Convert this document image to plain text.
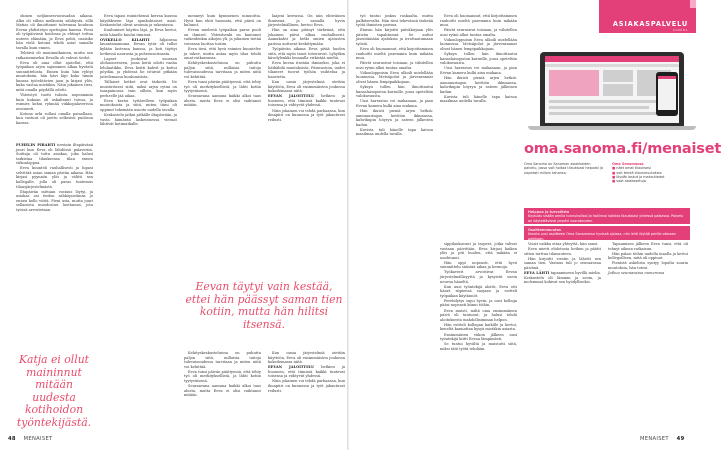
ohmen neljännesvuosisadan aikana. Alku oli silloin melkoista sähläystä, sillä Matias oli ilmoittanut tulevansa kouluun Eevan yhdistetyn opettajien kanssa. Pieni oli työpäivinsä hoidossa ja ehtinyt tottua uuteen elämään, ja Eeva pohti, osaisiko hän vielä kotona tehdä asiat samalla tavalla kuin ennen.

Tehtävä oli monimutkainen, mutta sen ratkaisemiseksi Eevalla oli vahvat tiedot.

Eeva oli aina ollut ajatellut, että työpaikan arjen sujuminen alkaa hyvästä suunnittelusta. Ennen kuin hän ryhtyi muutoksiin, hän kävi läpi koko tiimin kanssa työtehtävien jaon ja kirjasi ylös, kuka vastaa mistäkin. Näin jokainen tiesi, mitä omalla pöydällä odotti.

Yhteistyö tuotti tulosta nopeammin kuin kukaan oli uskaltanut toivoa, ja esimies kehui ryhmää viikkopalaverissa avoimesti.

Kotona arki rullasi omalla painollaan, kun vastuut oli jaettu selkeästi puolison kanssa.

PUHELIN PIRAHTI torstain iltapäivänä juuri kun Eeva oli lähdössä palaveriin. Soittaja oli tuttu asiakas, joka halusi tarkistaa tilauksensa tilan ennen viikonloppua.

Eeva kuunteli rauhallisesti ja lupasi selvittää asian saman päivän aikana. Hän kirjasi pyynnön ylös ja välitti sen kollegalle, jolla oli paras tuntemus tilausjärjestelmästä.

Iltapäivän mittaan vastaus löytyi, ja asiakas sai tiedon sähköpostiinsa jo ennen kello viittä. Pieni asia, mutta juuri sellaisista muodostuu luottamus, jota työssä arvostetaan.

Katja ei ollut maininnut mitään uudesta kotihoidon työntekijästä.

Eeva tapasi esimiehensä kerran kuussa käydäkseen läpi ajankohtaiset asiat. Keskustelut olivat avoimia ja rakentavia.

Kuulumiset käytiin läpi, ja Eeva kertoi, mitä hänelle kuului tiimissä.

OVIKELLO KILAHTI hiljaisena lauantaiaamuna. Eevan tytär oli tullut kylään lastensa kanssa, ja koti täyttyi hetkessä naurusta ja puheensorinasta.

Lapset juoksivat suoraan olohuoneeseen, jossa heitä odotti vanha lelulaatikko. Eeva keitti kahvit ja kattoi pöydän, ja yhdessä he istuivat pitkään juttelemassa kuulumisista.

Tällaiset hetket ovat tärkeitä. Ne muistuttavat siitä, miksi arjen rytmi on tasapainossa vain silloin, kun myös perheelle jää aikaa.

Eeva kertoi tyttärelleen työpaikan muutoksista ja siitä, miten tiimi oli oppinut tekemään asioita uudella tavalla.

Keskustelu jatkui pitkälle iltapäivään, ja vasta hämärän laskeutuessa vieraat lähtivät kotimatkalle.

menneyt kuin kymmenen minuuttia. Hyvä kun ehtii huomata, että päivä on kulunut.

Eevan mielestä työpaikan paras puoli on ihmiset. Yhteishenki on kantanut vaikeidenkin aikojen yli, ja jokainen tietää voivansa luottaa toisiin.

Eeva tiesi, että hyvä esimies kuuntelee ja tukee, mutta antaa myös tilaa tehdä omat ratkaisunsa.

Kehityskeskusteluissa on puhuttu paljon siitä, millaisia taitoja tulevaisuudessa tarvitaan ja miten niitä voi kehittää.

Eeva tunsi päivän päättyessä, että tehty työ oli merkityksellistä, ja lähti kotiin tyytyväisenä.

Seuraavana aamuna kaikki alkoi taas alusta, mutta Eeva ei olisi vaihtanut mitään.

Eevan täytyi vain kestää, ettei hän päässyt saman tien kotiin, mutta hän hilitsi itsensä.

Kehityskeskusteluissa on puhuttu paljon siitä, millaisia taitoja tulevaisuudessa tarvitaan ja miten niitä voi kehittää.

Eeva tunsi päivän päättyessä, että tehty työ oli merkityksellistä, ja lähti kotiin tyytyväisenä.

Seuraavana aamuna kaikki alkoi taas alusta, mutta Eeva ei olisi vaihtanut mitään.

laajeni kerrassa. On niin ehtiväinen ihmisenä, ja samalla hyvin järjestelmällinen, kertoo Eeva.

Hän on aina pitänyt tärkeänä, että jokainen päivä alkaa rauhallisesti. Aamukahvi ja hetki omien ajatusten parissa auttavat keskittymään.

Työpäivän aikana Eeva pitää huolen siitä, että myös tauot toteutuvat. Lyhytkin kävelylenkki lounaalla virkistää mieltä.

Eeva kuvaa itseään ihmiseksi, joka ei hätkähdä muutoksista. Päinvastoin, uudet tilanteet tuovat työhön vaihtelua ja haastetta.

Kun uusia järjestelmiä otettiin käyttöön, Eeva oli ensimmäisten joukossa kokeilemassa niitä.

EEVAN JALOITTELU hetkien ja huoneen, että tiimissä kaikki tuntevat toisensa ja viihtyvät yhdessä.

Näin jokainen voi tehdä parhaansa, kun ilmapiiri on kunnossa ja työt jakautuvat reilusti.

Kun uusia järjestelmiä otettiin käyttöön, Eeva oli ensimmäisten joukossa kokeilemassa niitä.

EEVAN JALOITTELU hetkien ja huoneen, että tiimissä kaikki tuntevat toisensa ja viihtyvät yhdessä.

Näin jokainen voi tehdä parhaansa, kun ilmapiiri on kunnossa ja työt jakautuvat reilusti.

48 MENAISET

työ tuntui joskus raskaalta, mutta palkitsevalta. Hän tiesi tekevänsä tärkeää työtä ihmisten parissa.

Iltaisin hän kirjoitti päiväkirjaan ylös päivän tapahtumat. Se auttoi jäsentämään ajatuksia ja irrottautumaan työstä.

Eeva oli huomannut, että kirjoittaminen rauhoitti mieltä paremmin kuin mikään muu.

Päivät seurasivat toisiaan, ja vähitellen uusi rytmi alkoi tuntua omalta.

Viikonloppuisin Eeva ulkoili mielellään luonnossa. Metsäpolut ja järvenrannat olivat hänen lempipaikkojaan.

Syksyn tullen hän ilmoittautui kansalaisopiston kurssille, jossa opeteltiin valokuvausta.

Uusi harrastus vei mukanaan, ja pian Eevan kamera kulki aina mukana.

Hän ikuisti pieniä arjen hetkiä: aamuauringon keittiön ikkunassa, kahvikupin höyryn ja sateen jälkeisen kadun.

Kuvista tuli hänelle tapa katsoa maailmaa uudella tavalla.

sippilaukuvuut ja tarpeet, jotka tulivat vastaan päivittäin. Eeva kirjasi kaiken ylös ja piti huolen, että mikään ei unohtunut.

Hän oppi nopeasti, että hyvä suunnittelu säästää aikaa ja hermoja.

Työkaverit arvostivat Eevan järjestelmällisyyttä ja kysyivät usein neuvoa häneltä.

Kun uusi työntekijä aloitti, Eeva otti hänet siipiensä suojaan ja esitteli työpaikan käytännöt.

Perehdytys sujui hyvin, ja uusi kollega pääsi nopeasti kiinni töihin.

Eeva muisti, miltä oma ensimmäinen päivä oli tuntunut, ja halusi tehdä aloituksesta mahdollisimman helpon.

Hän esitteli kollegan kaikille ja kertoi, keneltä kannattaa kysyä mistäkin asiasta.

Ensimmäisen viikon jälkeen uusi työntekijä kiitti Eevaa lämpimästi.

Se tuntui hyvältä ja muistutti siitä, miksi tätä työtä tehdään.

Eeva oli huomannut, että kirjoittaminen rauhoitti mieltä paremmin kuin mikään muu.

Päivät seurasivat toisiaan, ja vähitellen uusi rytmi alkoi tuntua omalta.

Viikonloppuisin Eeva ulkoili mielellään luonnossa. Metsäpolut ja järvenrannat olivat hänen lempipaikkojaan.

Syksyn tullen hän ilmoittautui kansalaisopiston kurssille, jossa opeteltiin valokuvausta.

Uusi harrastus vei mukanaan, ja pian Eevan kamera kulki aina mukana.

Hän ikuisti pieniä arjen hetkiä: aamuauringon keittiön ikkunassa, kahvikupin höyryn ja sateen jälkeisen kadun.

Kuvista tuli hänelle tapa katsoa maailmaa uudella tavalla.

Voisit vaikka ottaa yhteyttä, hän sanoi.

Eeva mietti ehdotusta hetken ja päätti sitten tarttua tilaisuuteen.

Hän kirjoitti viestin ja lähetti sen saman tien. Vastaus tuli jo seuraavana päivänä.

EEVA LÄHTI tapaamiseen hyvillä mielin. Keskustelu oli lämmin ja avoin, ja molemmat kokivat sen hyödylliseksi.

Tapaamisen jälkeen Eeva tunsi, että oli tehnyt oikean ratkaisun.

Hän palasi töihin uudella innolla ja kertoi kollegoilleen, mitä oli oppinut.

Pienistä askelista syntyy lopulta suuria muutoksia, hän totesi.

Jatkuu seuraavassa numerossa

ASIAKASPALVELU
SANOMA
oma.sanoma.fi/menaiset
Oma Sanoma on Sanoman asiakkaiden palvelu, jossa voit hoitaa tilauksiasi helposti ja nopeasti milloin tahansa.
Oma Sanomassa
■ näet omat tilauksesi
■ voit tehdä tilausmuutoksia
■ löydät laskut ja maksutiedot
■ saat asiakasetuja
Helppoa ja turvallista
Kirjaudu sisään omilla tunnuksillasi ja hallinnoi kaikkia tilauksiasi yhdessä paikassa. Palvelu on käytettävissä ympäri vuorokauden.
Osoitteenmuutos
Ilmoita uusi osoitteesi Oma Sanomassa hyvissä ajoissa, niin lehti löytää perille oikeaan paikkaan.
MENAISET 49
